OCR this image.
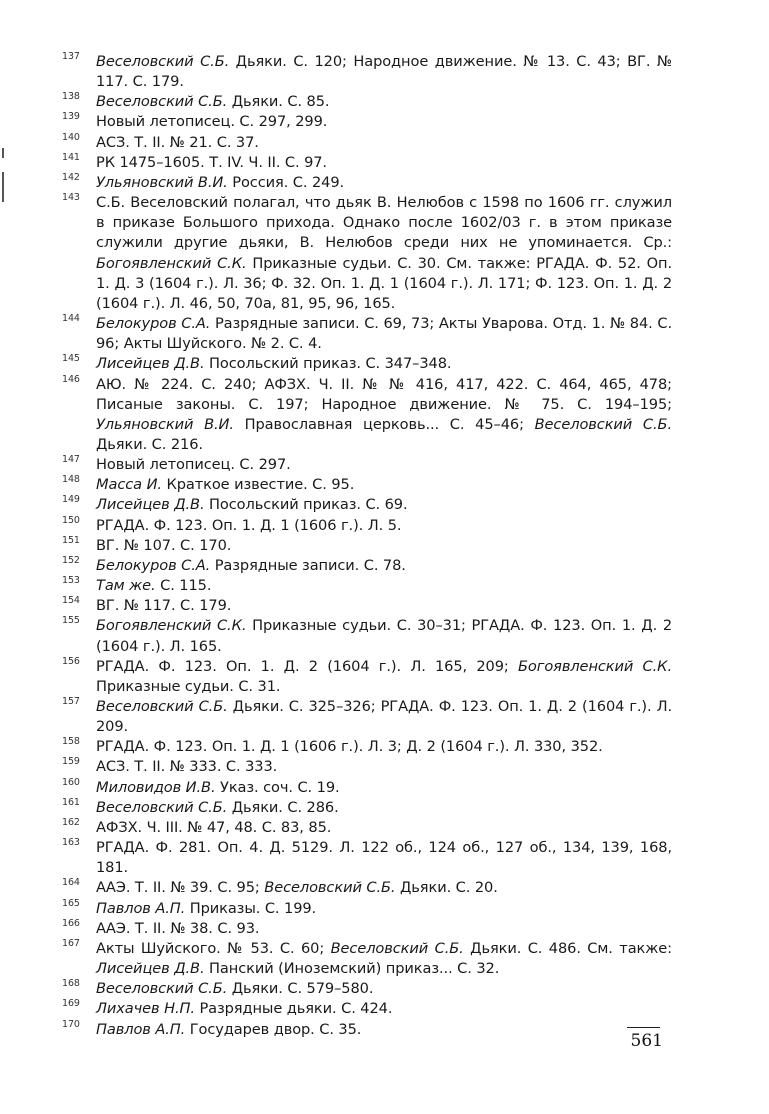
137 Веселовский С.Б. Дьяки. С. 120; Народное движение. № 13. С. 43; ВГ. № 117. С. 179.
138 Веселовский С.Б. Дьяки. С. 85.
139 Новый летописец. С. 297, 299.
140 АСЗ. Т. II. № 21. С. 37.
141 РК 1475–1605. Т. IV. Ч. II. С. 97.
142 Ульяновский В.И. Россия. С. 249.
143 С.Б. Веселовский полагал, что дьяк В. Нелюбов с 1598 по 1606 гг. служил в приказе Большого прихода. Однако после 1602/03 г. в этом приказе служили другие дьяки, В. Нелюбов среди них не упоминается. Ср.: Богоявленский С.К. Приказные судьи. С. 30. См. также: РГАДА. Ф. 52. Оп. 1. Д. 3 (1604 г.). Л. 36; Ф. 32. Оп. 1. Д. 1 (1604 г.). Л. 171; Ф. 123. Оп. 1. Д. 2 (1604 г.). Л. 46, 50, 70а, 81, 95, 96, 165.
144 Белокуров С.А. Разрядные записи. С. 69, 73; Акты Уварова. Отд. 1. № 84. С. 96; Акты Шуйского. № 2. С. 4.
145 Лисейцев Д.В. Посольский приказ. С. 347–348.
146 АЮ. № 224. С. 240; АФЗХ. Ч. II. № № 416, 417, 422. С. 464, 465, 478; Писаные законы. С. 197; Народное движение. № 75. С. 194–195; Ульяновский В.И. Православная церковь... С. 45–46; Веселовский С.Б. Дьяки. С. 216.
147 Новый летописец. С. 297.
148 Масса И. Краткое известие. С. 95.
149 Лисейцев Д.В. Посольский приказ. С. 69.
150 РГАДА. Ф. 123. Оп. 1. Д. 1 (1606 г.). Л. 5.
151 ВГ. № 107. С. 170.
152 Белокуров С.А. Разрядные записи. С. 78.
153 Там же. С. 115.
154 ВГ. № 117. С. 179.
155 Богоявленский С.К. Приказные судьи. С. 30–31; РГАДА. Ф. 123. Оп. 1. Д. 2 (1604 г.). Л. 165.
156 РГАДА. Ф. 123. Оп. 1. Д. 2 (1604 г.). Л. 165, 209; Богоявленский С.К. Приказные судьи. С. 31.
157 Веселовский С.Б. Дьяки. С. 325–326; РГАДА. Ф. 123. Оп. 1. Д. 2 (1604 г.). Л. 209.
158 РГАДА. Ф. 123. Оп. 1. Д. 1 (1606 г.). Л. 3; Д. 2 (1604 г.). Л. 330, 352.
159 АСЗ. Т. II. № 333. С. 333.
160 Миловидов И.В. Указ. соч. С. 19.
161 Веселовский С.Б. Дьяки. С. 286.
162 АФЗХ. Ч. III. № 47, 48. С. 83, 85.
163 РГАДА. Ф. 281. Оп. 4. Д. 5129. Л. 122 об., 124 об., 127 об., 134, 139, 168, 181.
164 ААЭ. Т. II. № 39. С. 95; Веселовский С.Б. Дьяки. С. 20.
165 Павлов А.П. Приказы. С. 199.
166 ААЭ. Т. II. № 38. С. 93.
167 Акты Шуйского. № 53. С. 60; Веселовский С.Б. Дьяки. С. 486. См. также: Лисейцев Д.В. Панский (Иноземский) приказ... С. 32.
168 Веселовский С.Б. Дьяки. С. 579–580.
169 Лихачев Н.П. Разрядные дьяки. С. 424.
170 Павлов А.П. Государев двор. С. 35.
561
